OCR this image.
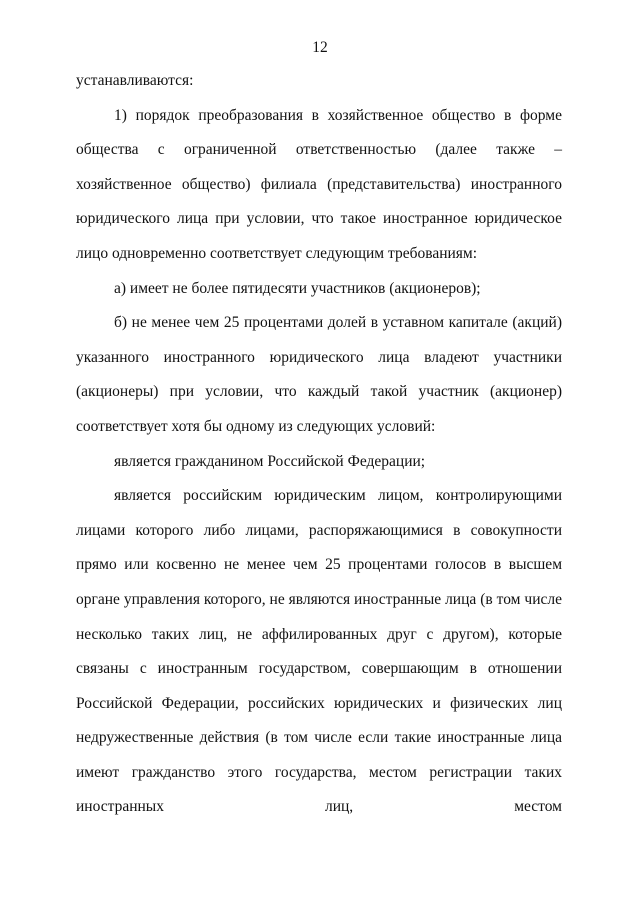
12

устанавливаются:

1) порядок преобразования в хозяйственное общество в форме общества с ограниченной ответственностью (далее также – хозяйственное общество) филиала (представительства) иностранного юридического лица при условии, что такое иностранное юридическое лицо одновременно соответствует следующим требованиям:

а) имеет не более пятидесяти участников (акционеров);

б) не менее чем 25 процентами долей в уставном капитале (акций) указанного иностранного юридического лица владеют участники (акционеры) при условии, что каждый такой участник (акционер) соответствует хотя бы одному из следующих условий:

является гражданином Российской Федерации;

является российским юридическим лицом, контролирующими лицами которого либо лицами, распоряжающимися в совокупности прямо или косвенно не менее чем 25 процентами голосов в высшем органе управления которого, не являются иностранные лица (в том числе несколько таких лиц, не аффилированных друг с другом), которые связаны с иностранным государством, совершающим в отношении Российской Федерации, российских юридических и физических лиц недружественные действия (в том числе если такие иностранные лица имеют гражданство этого государства, местом регистрации таких иностранных лиц, местом
